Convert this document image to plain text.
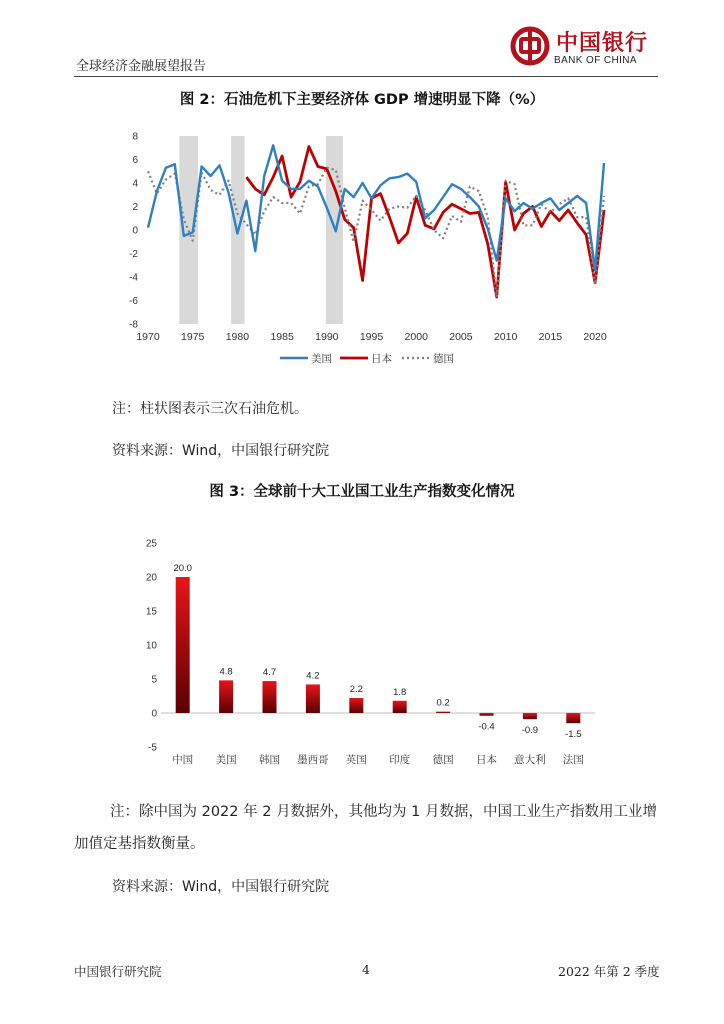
全球经济金融展望报告
中国银行
BANK OF CHINA
图 2：石油危机下主要经济体 GDP 增速明显下降（%）
-8
-6
-4
-2
0
2
4
6
8
1970 1975 1980 1985 1990 1995 2000 2005 2010 2015 2020
美国	日本	德国
注：柱状图表示三次石油危机。
资料来源：Wind，中国银行研究院
图 3：全球前十大工业国工业生产指数变化情况
-5
0
5
10
15
20
25
20.0
中国
4.8
美国
4.7
韩国
4.2
墨西哥
2.2
英国
1.8
印度
0.2
德国
-0.4
日本
-0.9
意大利
-1.5
法国
注：除中国为 2022 年 2 月数据外，其他均为 1 月数据，中国工业生产指数用工业增加值定基指数衡量。
资料来源：Wind，中国银行研究院
中国银行研究院	4	2022 年第 2 季度
